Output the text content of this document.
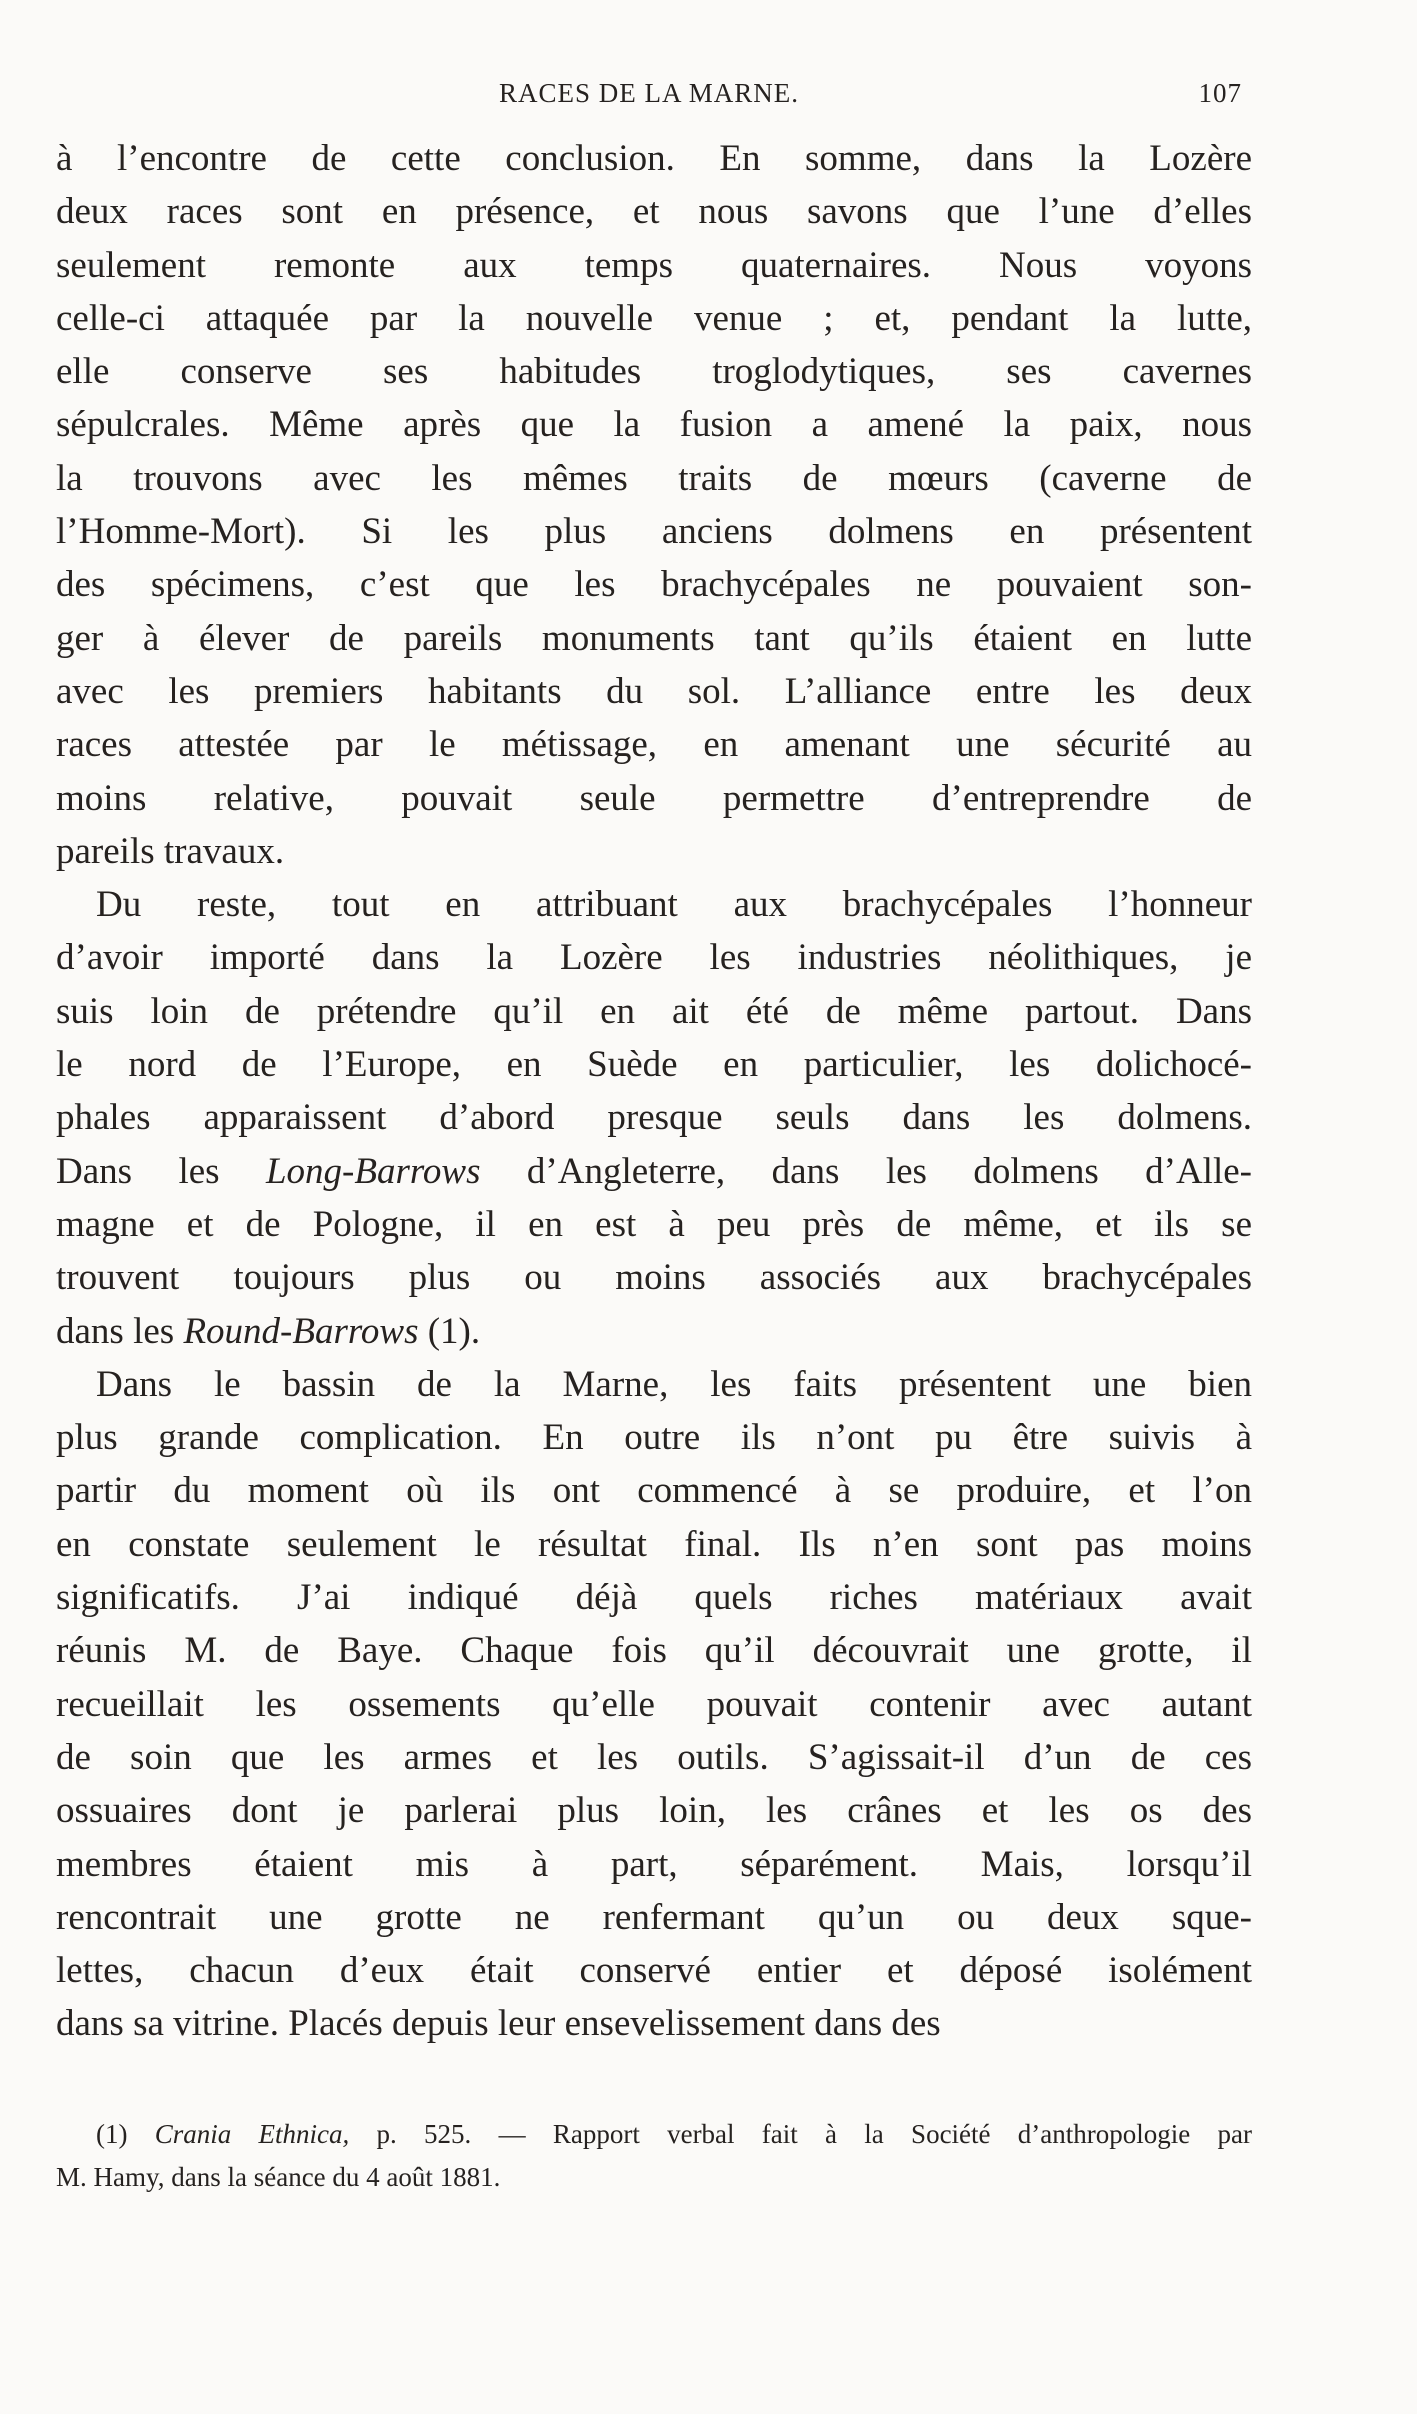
RACES DE LA MARNE.	107
à l’encontre de cette conclusion. En somme, dans la Lozère
deux races sont en présence, et nous savons que l’une d’elles
seulement remonte aux temps quaternaires. Nous voyons
celle-ci attaquée par la nouvelle venue ; et, pendant la lutte,
elle conserve ses habitudes troglodytiques, ses cavernes
sépulcrales. Même après que la fusion a amené la paix, nous
la trouvons avec les mêmes traits de mœurs (caverne de
l’Homme-Mort). Si les plus anciens dolmens en présentent
des spécimens, c’est que les brachycépales ne pouvaient son-
ger à élever de pareils monuments tant qu’ils étaient en lutte
avec les premiers habitants du sol. L’alliance entre les deux
races attestée par le métissage, en amenant une sécurité au
moins relative, pouvait seule permettre d’entreprendre de
pareils travaux.
Du reste, tout en attribuant aux brachycépales l’honneur
d’avoir importé dans la Lozère les industries néolithiques, je
suis loin de prétendre qu’il en ait été de même partout. Dans
le nord de l’Europe, en Suède en particulier, les dolichocé-
phales apparaissent d’abord presque seuls dans les dolmens.
Dans les Long-Barrows d’Angleterre, dans les dolmens d’Alle-
magne et de Pologne, il en est à peu près de même, et ils se
trouvent toujours plus ou moins associés aux brachycépales
dans les Round-Barrows (1).
Dans le bassin de la Marne, les faits présentent une bien
plus grande complication. En outre ils n’ont pu être suivis à
partir du moment où ils ont commencé à se produire, et l’on
en constate seulement le résultat final. Ils n’en sont pas moins
significatifs. J’ai indiqué déjà quels riches matériaux avait
réunis M. de Baye. Chaque fois qu’il découvrait une grotte, il
recueillait les ossements qu’elle pouvait contenir avec autant
de soin que les armes et les outils. S’agissait-il d’un de ces
ossuaires dont je parlerai plus loin, les crânes et les os des
membres étaient mis à part, séparément. Mais, lorsqu’il
rencontrait une grotte ne renfermant qu’un ou deux sque-
lettes, chacun d’eux était conservé entier et déposé isolément
dans sa vitrine. Placés depuis leur ensevelissement dans des
(1) Crania Ethnica, p. 525. — Rapport verbal fait à la Société d’anthropologie par
M. Hamy, dans la séance du 4 août 1881.
